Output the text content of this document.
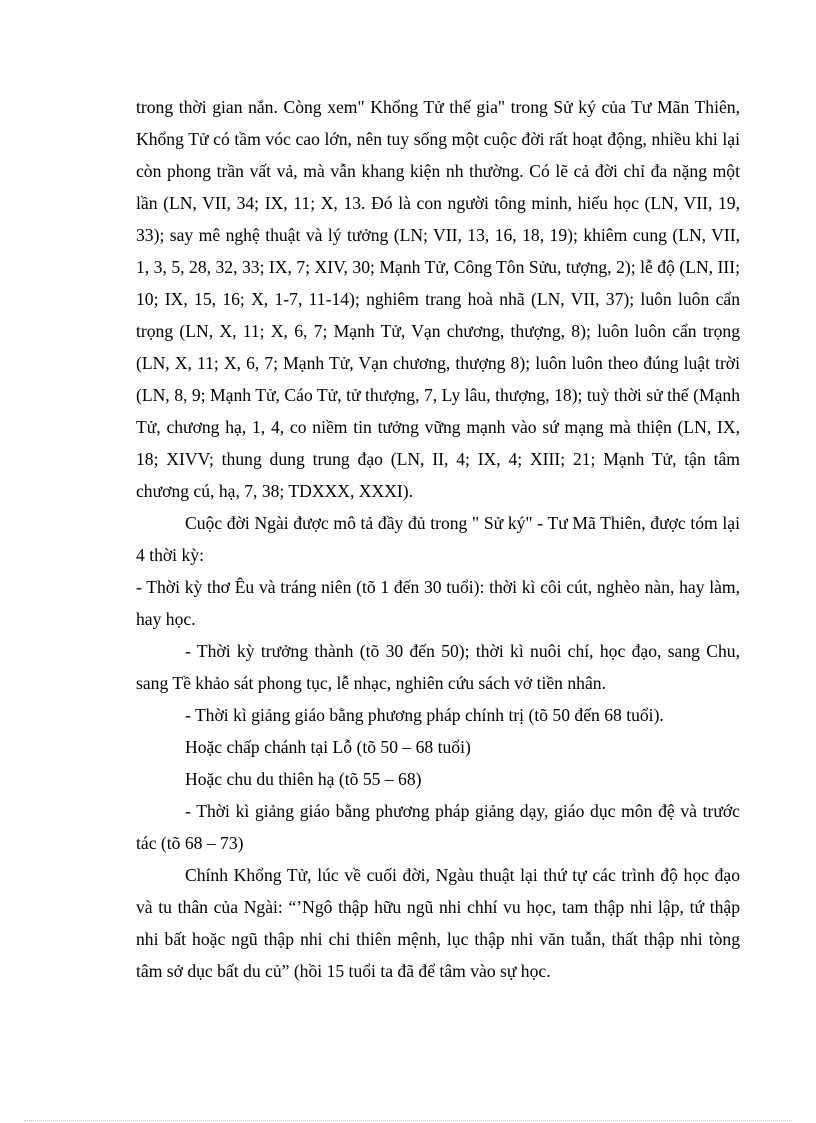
trong thời gian nắn. Còng xem" Khổng Tử thế gia" trong Sử ký của Tư Mãn Thiên, Khổng Tử có tầm vóc cao lớn, nên tuy sống một cuộc đời rất hoạt động, nhiều khi lại còn phong trần vất vả, mà vẫn khang kiện nh thường. Có lẽ cả đời chỉ đa nặng một lần (LN, VII, 34; IX, 11; X, 13. Đó là con người tông minh, hiếu học (LN, VII, 19, 33); say mê nghệ thuật và lý tưởng (LN; VII, 13, 16, 18, 19); khiêm cung (LN, VII, 1, 3, 5, 28, 32, 33; IX, 7; XIV, 30; Mạnh Tử, Công Tôn Sửu, tượng, 2); lễ độ (LN, III; 10; IX, 15, 16; X, 1-7, 11-14); nghiêm trang hoà nhã (LN, VII, 37); luôn luôn cẩn trọng (LN, X, 11; X, 6, 7; Mạnh Tử, Vạn chương, thượng, 8); luôn luôn cẩn trọng (LN, X, 11; X, 6, 7; Mạnh Tử, Vạn chương, thượng 8); luôn luôn theo đúng luật trời (LN, 8, 9; Mạnh Tử, Cáo Tử, tử thượng, 7, Ly lâu, thượng, 18); tuỳ thời sử thế (Mạnh Tử, chương hạ, 1, 4, co niềm tin tưởng vững mạnh vào sứ mạng mà thiện (LN, IX, 18; XIVV; thung dung trung đạo (LN, II, 4; IX, 4; XIII; 21; Mạnh Tử, tận tâm chương cú, hạ, 7, 38; TDXXX, XXXI).

Cuộc đời Ngài được mô tả đầy đủ trong " Sử ký" - Tư Mã Thiên, được tóm lại 4 thời kỳ:

- Thời kỳ thơ Êu và tráng niên (tõ 1 đến 30 tuổi): thời kì côi cút, nghèo nàn, hay làm, hay học.

- Thời kỳ trưởng thành (tõ 30 đến 50); thời kì nuôi chí, học đạo, sang Chu, sang Tề khảo sát phong tục, lễ nhạc, nghiên cứu sách vở tiền nhân.

- Thời kì giảng giáo bằng phương pháp chính trị (tõ 50 đến 68 tuổi).

Hoặc chấp chánh tại Lỗ (tõ 50 – 68 tuổi)

Hoặc chu du thiên hạ (tõ 55 – 68)

- Thời kì giảng giáo bằng phương pháp giảng dạy, giáo dục môn đệ và trước tác (tõ 68 – 73)

Chính Khổng Tử, lúc về cuối đời, Ngàu thuật lại thứ tự các trình độ học đạo và tu thân của Ngài: “’Ngô thập hữu ngũ nhi chhí vu học, tam thập nhi lập, tứ thập nhi bất hoặc ngũ thập nhi chi thiên mệnh, lục thập nhi văn tuẫn, thất thập nhi tòng tâm sở dục bất du củ” (hồi 15 tuổi ta đã để tâm vào sự học.
